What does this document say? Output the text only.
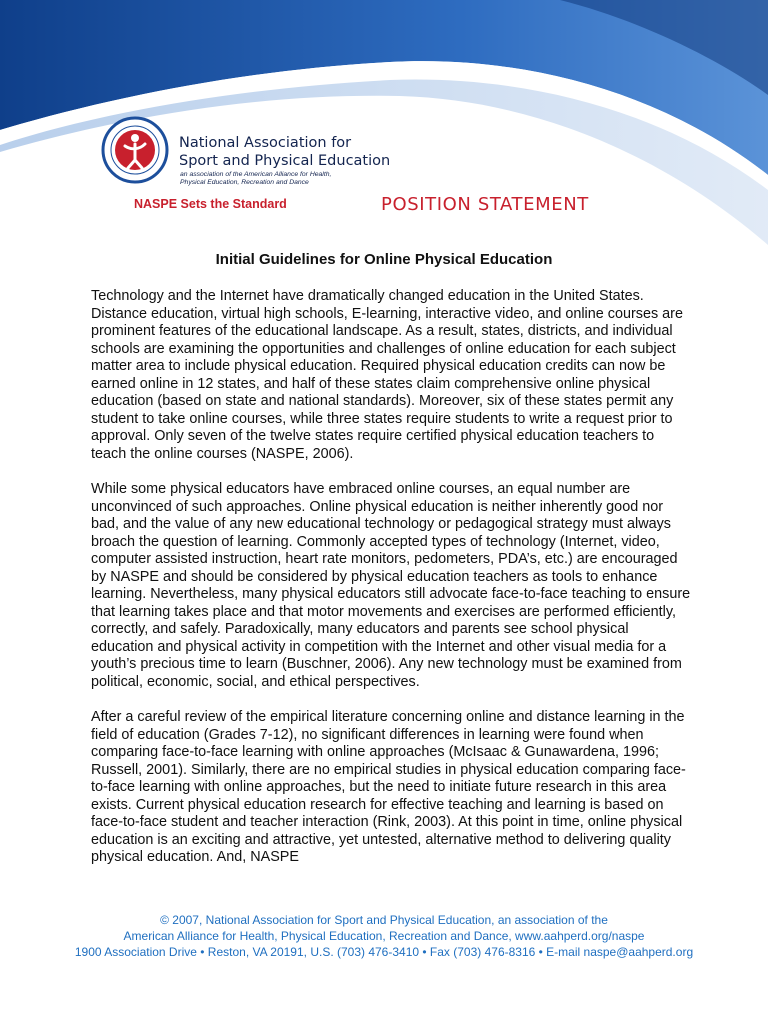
National Association for
Sport and Physical Education
an association of the American Alliance for Health,
Physical Education, Recreation and Dance
NASPE Sets the Standard	POSITION STATEMENT
Initial Guidelines for Online Physical Education

Technology and the Internet have dramatically changed education in the United States. Distance education, virtual high schools, E-learning, interactive video, and online courses are prominent features of the educational landscape. As a result, states, districts, and individual schools are examining the opportunities and challenges of online education for each subject matter area to include physical education. Required physical education credits can now be earned online in 12 states, and half of these states claim comprehensive online physical education (based on state and national standards). Moreover, six of these states permit any student to take online courses, while three states require students to write a request prior to approval. Only seven of the twelve states require certified physical education teachers to teach the online courses (NASPE, 2006).

While some physical educators have embraced online courses, an equal number are unconvinced of such approaches. Online physical education is neither inherently good nor bad, and the value of any new educational technology or pedagogical strategy must always broach the question of learning. Commonly accepted types of technology (Internet, video, computer assisted instruction, heart rate monitors, pedometers, PDA’s, etc.) are encouraged by NASPE and should be considered by physical education teachers as tools to enhance learning. Nevertheless, many physical educators still advocate face-to-face teaching to ensure that learning takes place and that motor movements and exercises are performed efficiently, correctly, and safely. Paradoxically, many educators and parents see school physical education and physical activity in competition with the Internet and other visual media for a youth’s precious time to learn (Buschner, 2006). Any new technology must be examined from political, economic, social, and ethical perspectives.

After a careful review of the empirical literature concerning online and distance learning in the field of education (Grades 7-12), no significant differences in learning were found when comparing face-to-face learning with online approaches (McIsaac & Gunawardena, 1996; Russell, 2001). Similarly, there are no empirical studies in physical education comparing face-to-face learning with online approaches, but the need to initiate future research in this area exists. Current physical education research for effective teaching and learning is based on face-to-face student and teacher interaction (Rink, 2003). At this point in time, online physical education is an exciting and attractive, yet untested, alternative method to delivering quality physical education. And, NASPE

© 2007, National Association for Sport and Physical Education, an association of the
American Alliance for Health, Physical Education, Recreation and Dance, www.aahperd.org/naspe
1900 Association Drive • Reston, VA 20191, U.S. (703) 476-3410 • Fax (703) 476-8316 • E-mail naspe@aahperd.org
